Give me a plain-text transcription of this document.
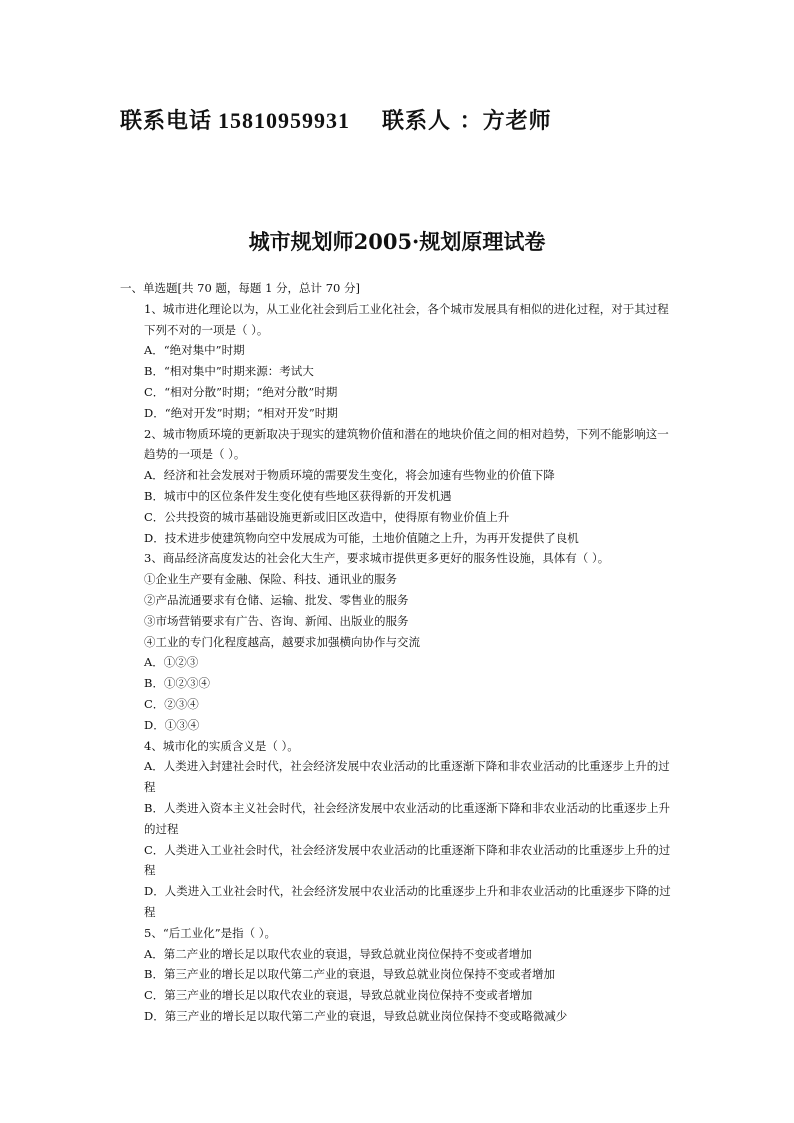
联系电话 15810959931 联系人 ：方老师
城市规划师2005·规划原理试卷

一、单选题[共 70 题，每题 1 分，总计 70 分]

1、城市进化理论以为，从工业化社会到后工业化社会，各个城市发展具有相似的进化过程，对于其过程下列不对的一项是（ ）。

A．“绝对集中”时期

B．“相对集中”时期来源：考试大

C．“相对分散”时期；“绝对分散”时期

D．“绝对开发”时期；“相对开发”时期

2、城市物质环境的更新取决于现实的建筑物价值和潜在的地块价值之间的相对趋势，下列不能影响这一趋势的一项是（ ）。

A．经济和社会发展对于物质环境的需要发生变化，将会加速有些物业的价值下降

B．城市中的区位条件发生变化使有些地区获得新的开发机遇

C．公共投资的城市基础设施更新或旧区改造中，使得原有物业价值上升

D．技术进步使建筑物向空中发展成为可能，土地价值随之上升，为再开发提供了良机

3、商品经济高度发达的社会化大生产，要求城市提供更多更好的服务性设施，具体有（ ）。

①企业生产要有金融、保险、科技、通讯业的服务

②产品流通要求有仓储、运输、批发、零售业的服务

③市场营销要求有广告、咨询、新闻、出版业的服务

④工业的专门化程度越高，越要求加强横向协作与交流

A．①②③

B．①②③④

C．②③④

D．①③④

4、城市化的实质含义是（ ）。

A．人类进入封建社会时代，社会经济发展中农业活动的比重逐渐下降和非农业活动的比重逐步上升的过程

B．人类进入资本主义社会时代，社会经济发展中农业活动的比重逐渐下降和非农业活动的比重逐步上升的过程

C．人类进入工业社会时代，社会经济发展中农业活动的比重逐渐下降和非农业活动的比重逐步上升的过程

D．人类进入工业社会时代，社会经济发展中农业活动的比重逐步上升和非农业活动的比重逐步下降的过程

5、“后工业化”是指（ ）。

A．第二产业的增长足以取代农业的衰退，导致总就业岗位保持不变或者增加

B．第三产业的增长足以取代第二产业的衰退，导致总就业岗位保持不变或者增加

C．第三产业的增长足以取代农业的衰退，导致总就业岗位保持不变或者增加

D．第三产业的增长足以取代第二产业的衰退，导致总就业岗位保持不变或略微减少
